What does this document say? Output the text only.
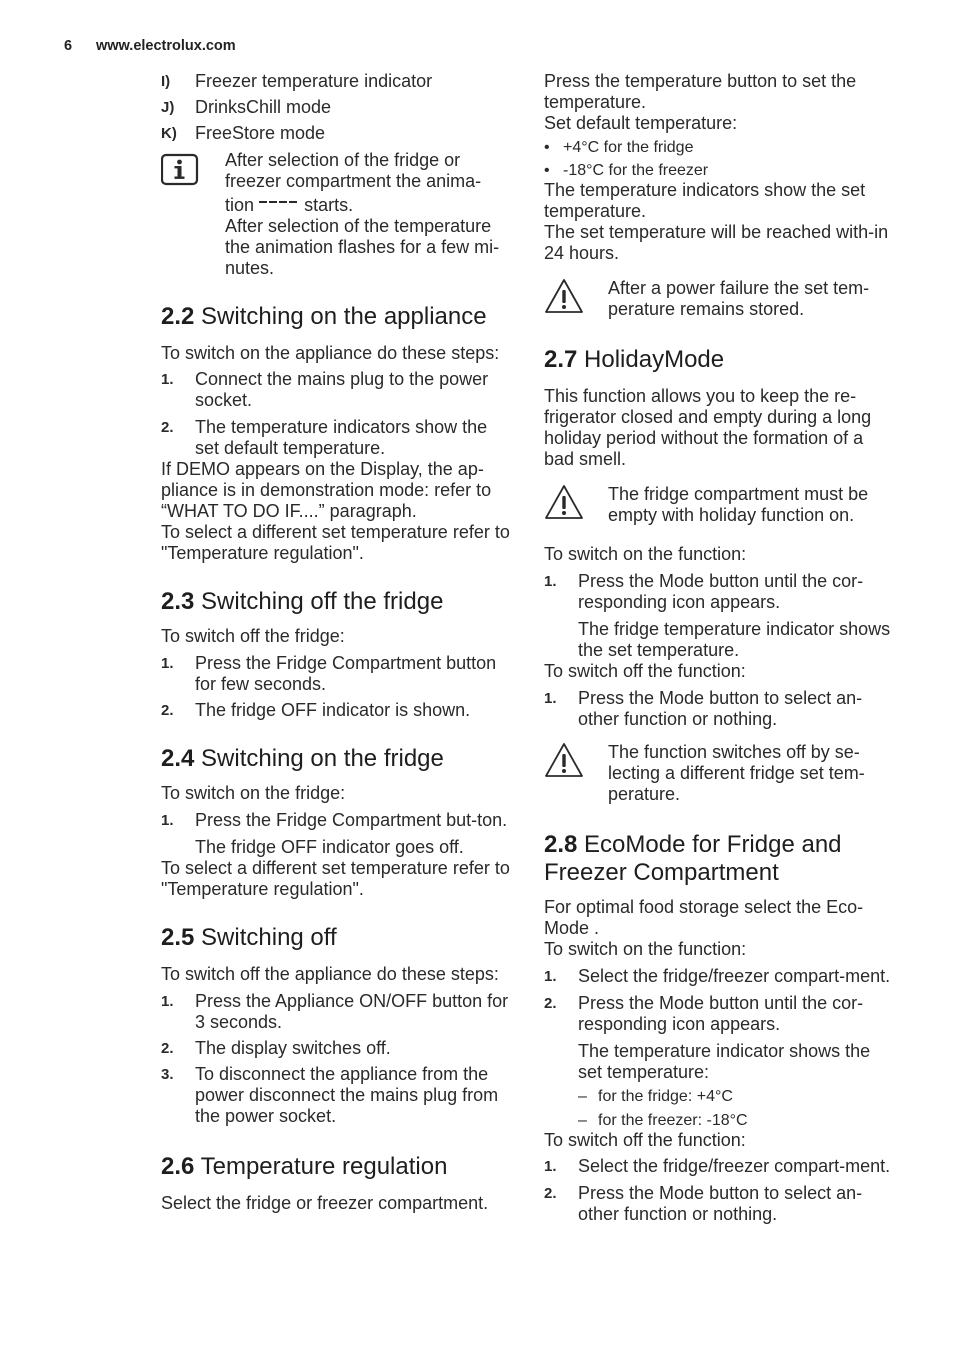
6 www.electrolux.com
I)	Freezer temperature indicator
J)	DrinksChill mode
K)	FreeStore mode
After selection of the fridge or freezer compartment the anima-
tion	starts.
After selection of the temperature the animation flashes for a few mi-nutes.
2.2 Switching on the appliance

To switch on the appliance do these steps:

1.	Connect the mains plug to the power socket.
2.	The temperature indicators show the set default temperature.

If DEMO appears on the Display, the ap-pliance is in demonstration mode: refer to “WHAT TO DO IF....” paragraph.

To select a different set temperature refer to "Temperature regulation".

2.3 Switching off the fridge

To switch off the fridge:

1.	Press the Fridge Compartment button for few seconds.
2.	The fridge OFF indicator is shown.
2.4 Switching on the fridge

To switch on the fridge:

1.	Press the Fridge Compartment but-ton.
The fridge OFF indicator goes off.

To select a different set temperature refer to "Temperature regulation".

2.5 Switching off

To switch off the appliance do these steps:

1.	Press the Appliance ON/OFF button for 3 seconds.
2.	The display switches off.
3.	To disconnect the appliance from the power disconnect the mains plug from the power socket.
2.6 Temperature regulation

Select the fridge or freezer compartment.

Press the temperature button to set the temperature.

Set default temperature:

• +4°C for the fridge
• -18°C for the freezer

The temperature indicators show the set temperature.

The set temperature will be reached with-in 24 hours.

After a power failure the set tem-perature remains stored.
2.7 HolidayMode

This function allows you to keep the re-frigerator closed and empty during a long holiday period without the formation of a bad smell.

The fridge compartment must be empty with holiday function on.

To switch on the function:

1.	Press the Mode button until the cor-responding icon appears.
The fridge temperature indicator shows the set temperature.

To switch off the function:

1.	Press the Mode button to select an-other function or nothing.
The function switches off by se-lecting a different fridge set tem-perature.
2.8 EcoMode for Fridge and Freezer Compartment

For optimal food storage select the Eco-Mode .

To switch on the function:

1.	Select the fridge/freezer compart-ment.
2.	Press the Mode button until the cor-responding icon appears.
The temperature indicator shows the set temperature:
– for the fridge: +4°C
– for the freezer: -18°C

To switch off the function:

1.	Select the fridge/freezer compart-ment.
2.	Press the Mode button to select an-other function or nothing.
